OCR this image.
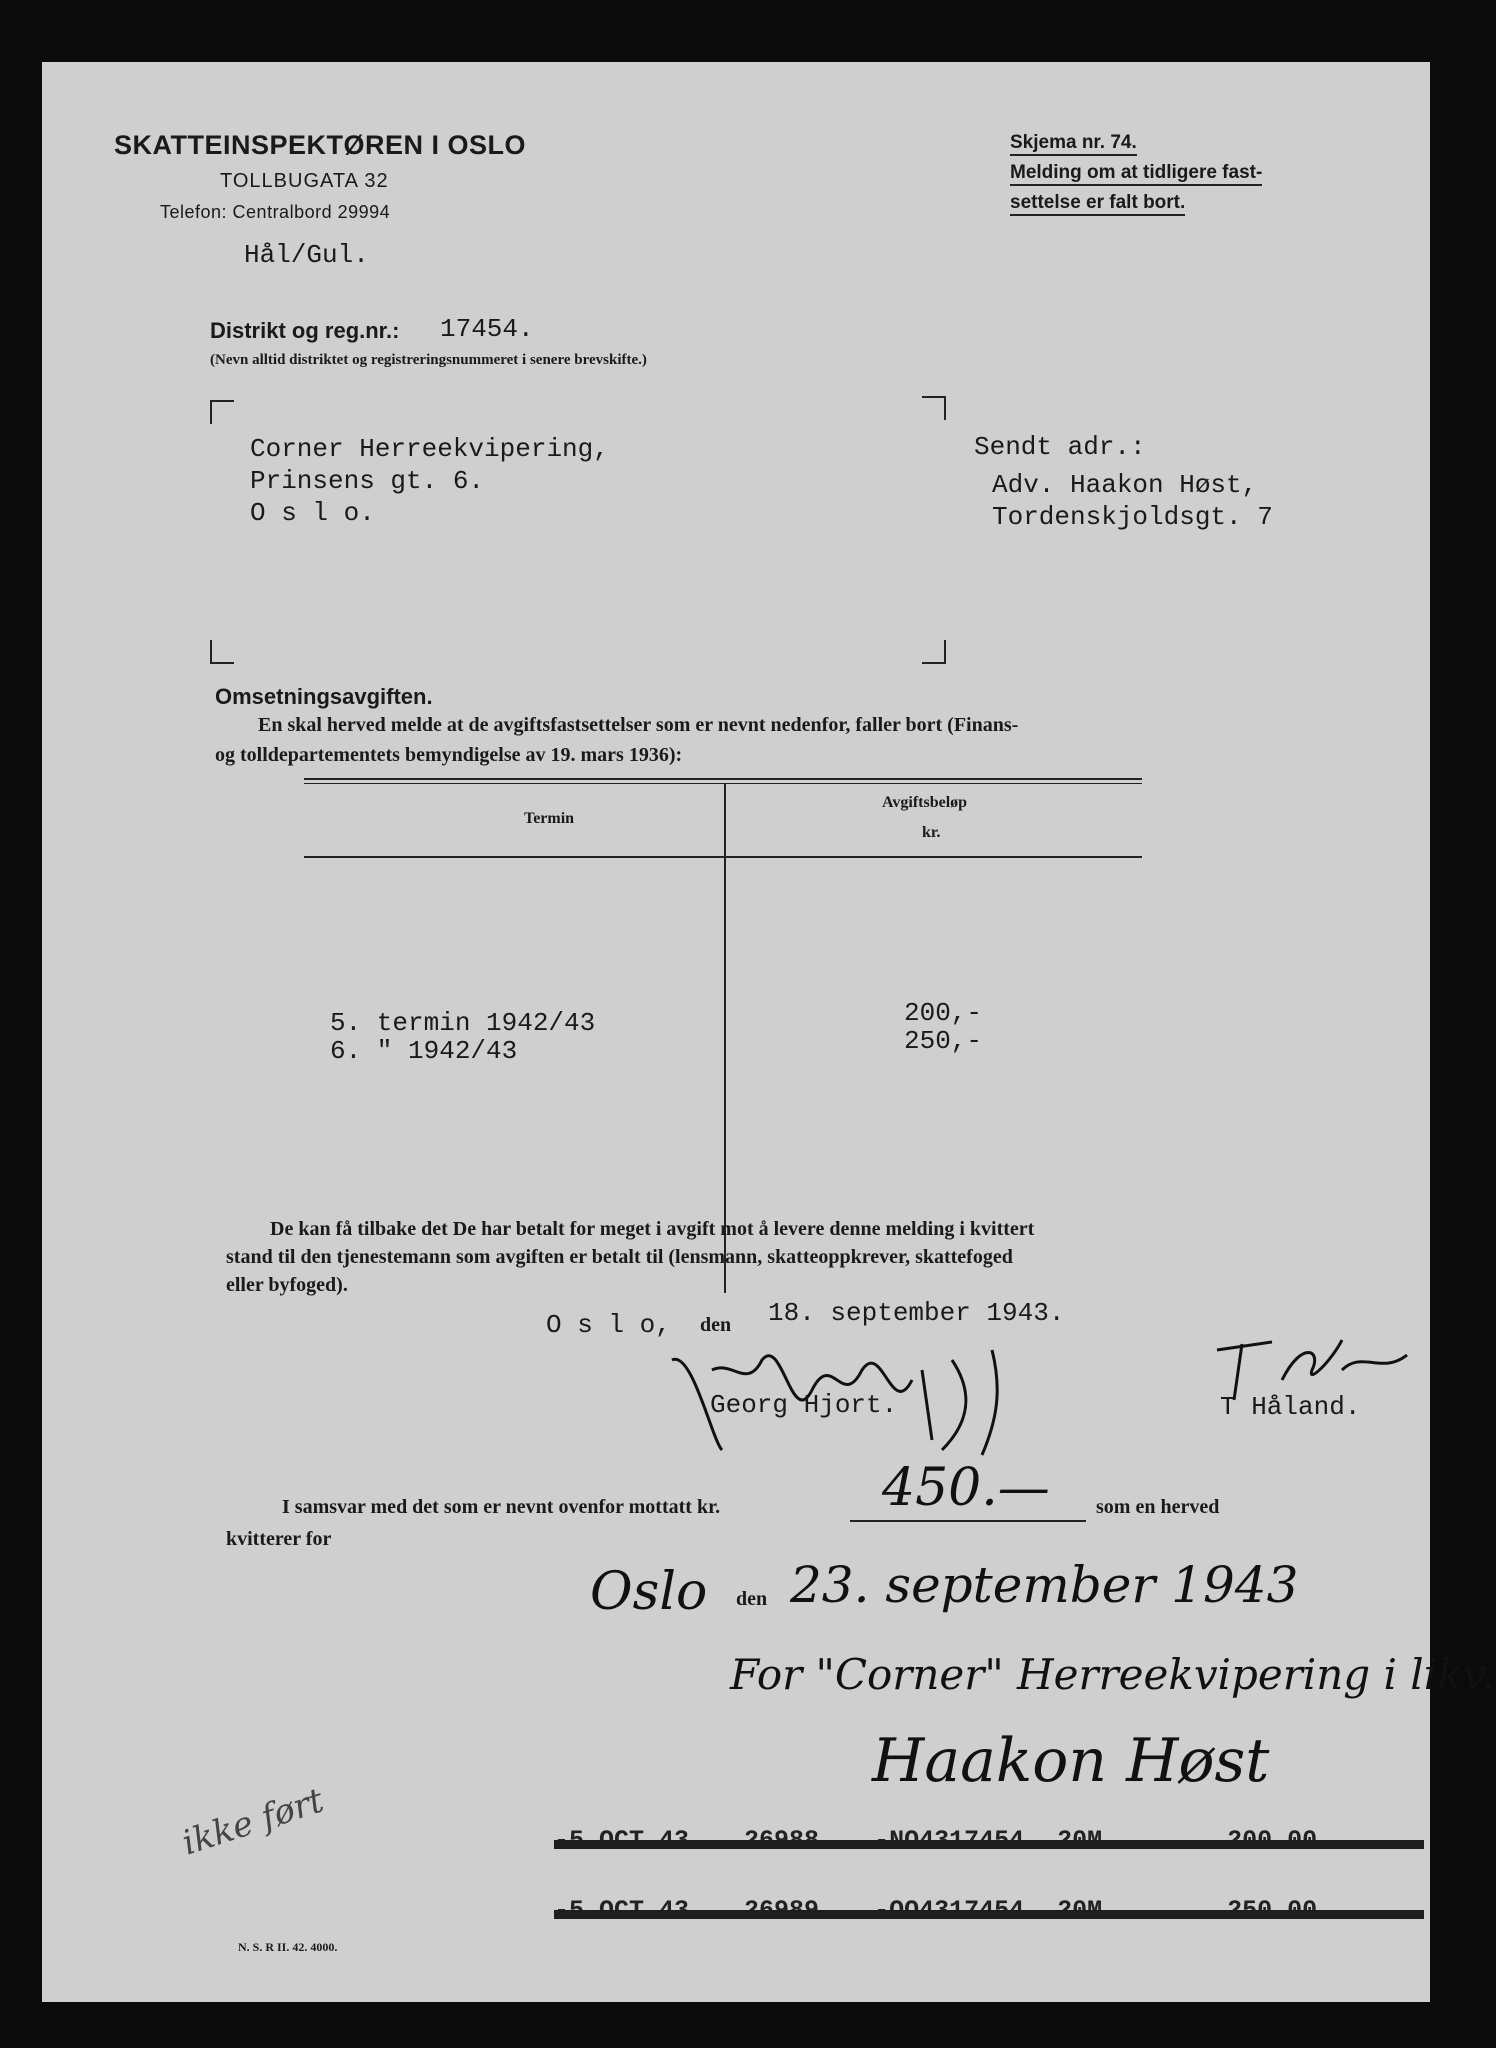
SKATTEINSPEKTØREN I OSLO
TOLLBUGATA 32
Telefon: Centralbord 29994
Hål/Gul.
Skjema nr. 74.
Melding om at tidligere fast-
settelse er falt bort.
Distrikt og reg.nr.: 17454.
(Nevn alltid distriktet og registreringsnummeret i senere brevskifte.)
Corner Herreekvipering,
Prinsens gt. 6.
O s l o.
Sendt adr.:
Adv. Haakon Høst,
Tordenskjoldsgt. 7
Omsetningsavgiften.
En skal herved melde at de avgiftsfastsettelser som er nevnt nedenfor, faller bort (Finans-
og tolldepartementets bemyndigelse av 19. mars 1936):
Termin
Avgiftsbeløp
kr.
5. termin 1942/43	200,-
6. " 1942/43	250,-
De kan få tilbake det De har betalt for meget i avgift mot å levere denne melding i kvittert
stand til den tjenestemann som avgiften er betalt til (lensmann, skatteoppkrever, skattefoged
eller byfoged).
O s l o, den 18. september 1943.
Georg Hjort.	T Håland.
I samsvar med det som er nevnt ovenfor mottatt kr.	450.— som en herved
kvitterer for
Oslo den 23. september 1943
For "Corner" Herreekvipering i likv.
Haakon Høst
ikke ført
N. S. R II. 42. 4000.
